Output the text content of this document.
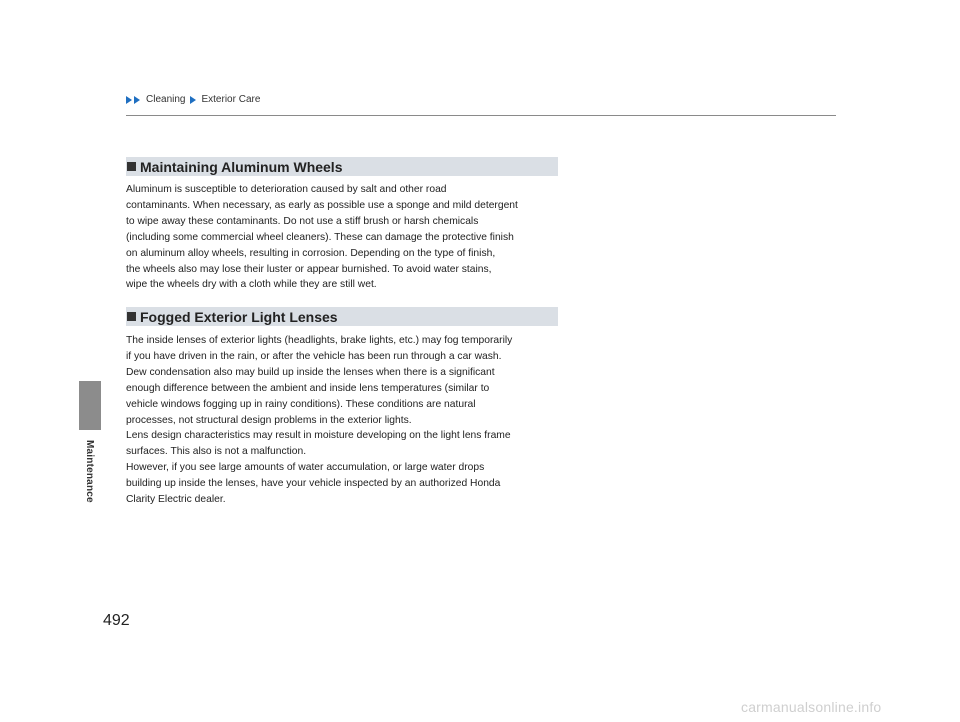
Cleaning Exterior Care
Maintenance
Maintaining Aluminum Wheels

Aluminum is susceptible to deterioration caused by salt and other road

contaminants. When necessary, as early as possible use a sponge and mild detergent

to wipe away these contaminants. Do not use a stiff brush or harsh chemicals

(including some commercial wheel cleaners). These can damage the protective finish

on aluminum alloy wheels, resulting in corrosion. Depending on the type of finish,

the wheels also may lose their luster or appear burnished. To avoid water stains,

wipe the wheels dry with a cloth while they are still wet.

Fogged Exterior Light Lenses

The inside lenses of exterior lights (headlights, brake lights, etc.) may fog temporarily

if you have driven in the rain, or after the vehicle has been run through a car wash.

Dew condensation also may build up inside the lenses when there is a significant

enough difference between the ambient and inside lens temperatures (similar to

vehicle windows fogging up in rainy conditions). These conditions are natural

processes, not structural design problems in the exterior lights.

Lens design characteristics may result in moisture developing on the light lens frame

surfaces. This also is not a malfunction.

However, if you see large amounts of water accumulation, or large water drops

building up inside the lenses, have your vehicle inspected by an authorized Honda

Clarity Electric dealer.

492
carmanualsonline.info
